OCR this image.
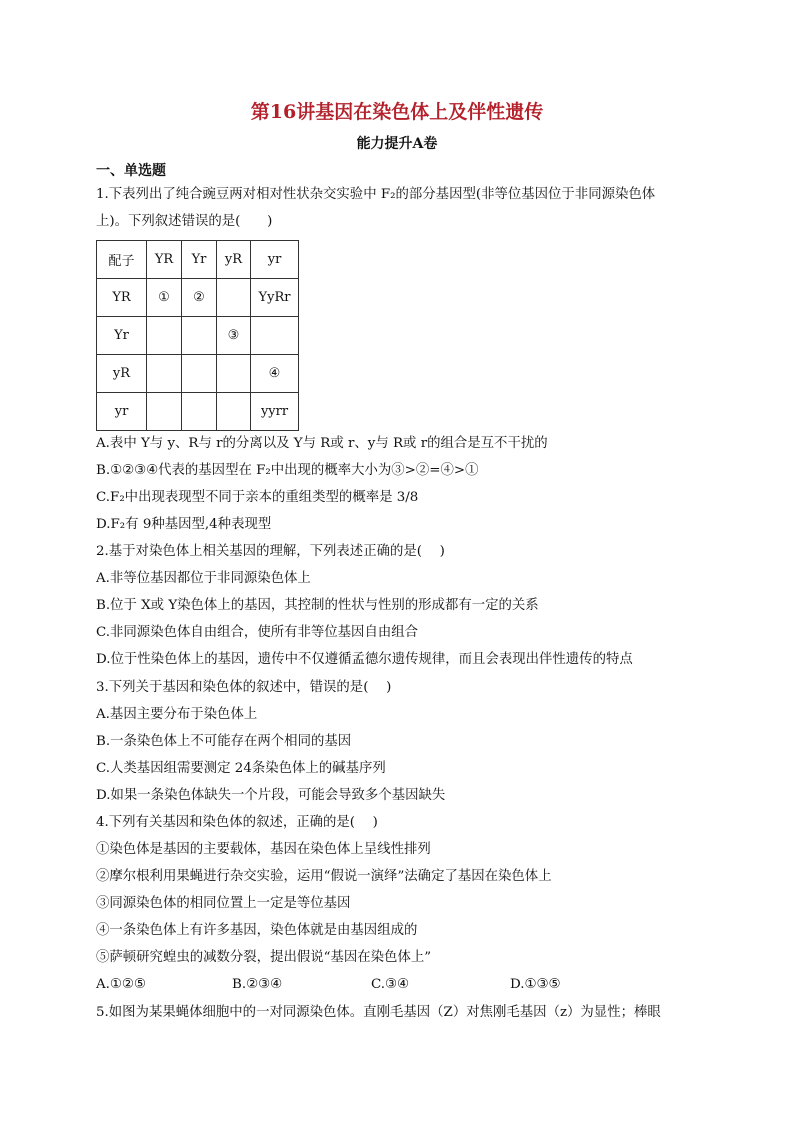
第16讲基因在染色体上及伴性遗传
能力提升A卷
一、单选题
1.下表列出了纯合豌豆两对相对性状杂交实验中 F₂的部分基因型(非等位基因位于非同源染色体
上)。下列叙述错误的是(　　)
配子	YR	Yr	yR	yr
YR	①	②		YyRr
Yr			③	
yR				④
yr				yyrr
A.表中 Y与 y、R与 r的分离以及 Y与 R或 r、y与 R或 r的组合是互不干扰的
B.①②③④代表的基因型在 F₂中出现的概率大小为③>②=④>①
C.F₂中出现表现型不同于亲本的重组类型的概率是 3/8
D.F₂有 9种基因型,4种表现型
2.基于对染色体上相关基因的理解，下列表述正确的是(　 )
A.非等位基因都位于非同源染色体上
B.位于 X或 Y染色体上的基因，其控制的性状与性别的形成都有一定的关系
C.非同源染色体自由组合，使所有非等位基因自由组合
D.位于性染色体上的基因，遗传中不仅遵循孟德尔遗传规律，而且会表现出伴性遗传的特点
3.下列关于基因和染色体的叙述中，错误的是(　 )
A.基因主要分布于染色体上
B.一条染色体上不可能存在两个相同的基因
C.人类基因组需要测定 24条染色体上的碱基序列
D.如果一条染色体缺失一个片段，可能会导致多个基因缺失
4.下列有关基因和染色体的叙述，正确的是(　 )
①染色体是基因的主要载体，基因在染色体上呈线性排列
②摩尔根利用果蝇进行杂交实验，运用“假说一演绎”法确定了基因在染色体上
③同源染色体的相同位置上一定是等位基因
④一条染色体上有许多基因，染色体就是由基因组成的
⑤萨顿研究蝗虫的减数分裂，提出假说“基因在染色体上”
A.①②⑤	B.②③④	C.③④	D.①③⑤
5.如图为某果蝇体细胞中的一对同源染色体。直刚毛基因（Z）对焦刚毛基因（z）为显性；棒眼
